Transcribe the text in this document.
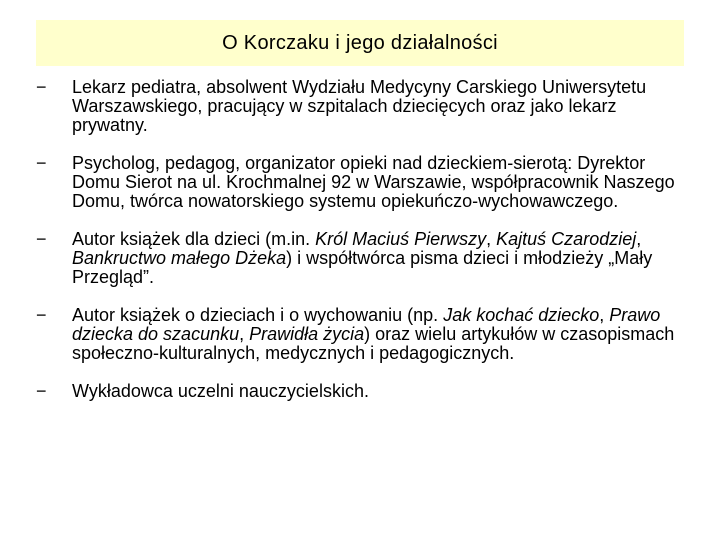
O Korczaku i jego działalności
−	Lekarz pediatra, absolwent Wydziału Medycyny Carskiego Uniwersytetu Warszawskiego, pracujący w szpitalach dziecięcych oraz jako lekarz prywatny.
−	Psycholog, pedagog, organizator opieki nad dzieckiem-sierotą: Dyrektor Domu Sierot na ul. Krochmalnej 92 w Warszawie, współpracownik Naszego Domu, twórca nowatorskiego systemu opiekuńczo-wychowawczego.
−	Autor książek dla dzieci (m.in. Król Maciuś Pierwszy, Kajtuś Czarodziej, Bankructwo małego Dżeka) i współtwórca pisma dzieci i młodzieży „Mały Przegląd”.
−	Autor książek o dzieciach i o wychowaniu (np. Jak kochać dziecko, Prawo dziecka do szacunku, Prawidła życia) oraz wielu artykułów w czasopismach społeczno-kulturalnych, medycznych i pedagogicznych.
−	Wykładowca uczelni nauczycielskich.
